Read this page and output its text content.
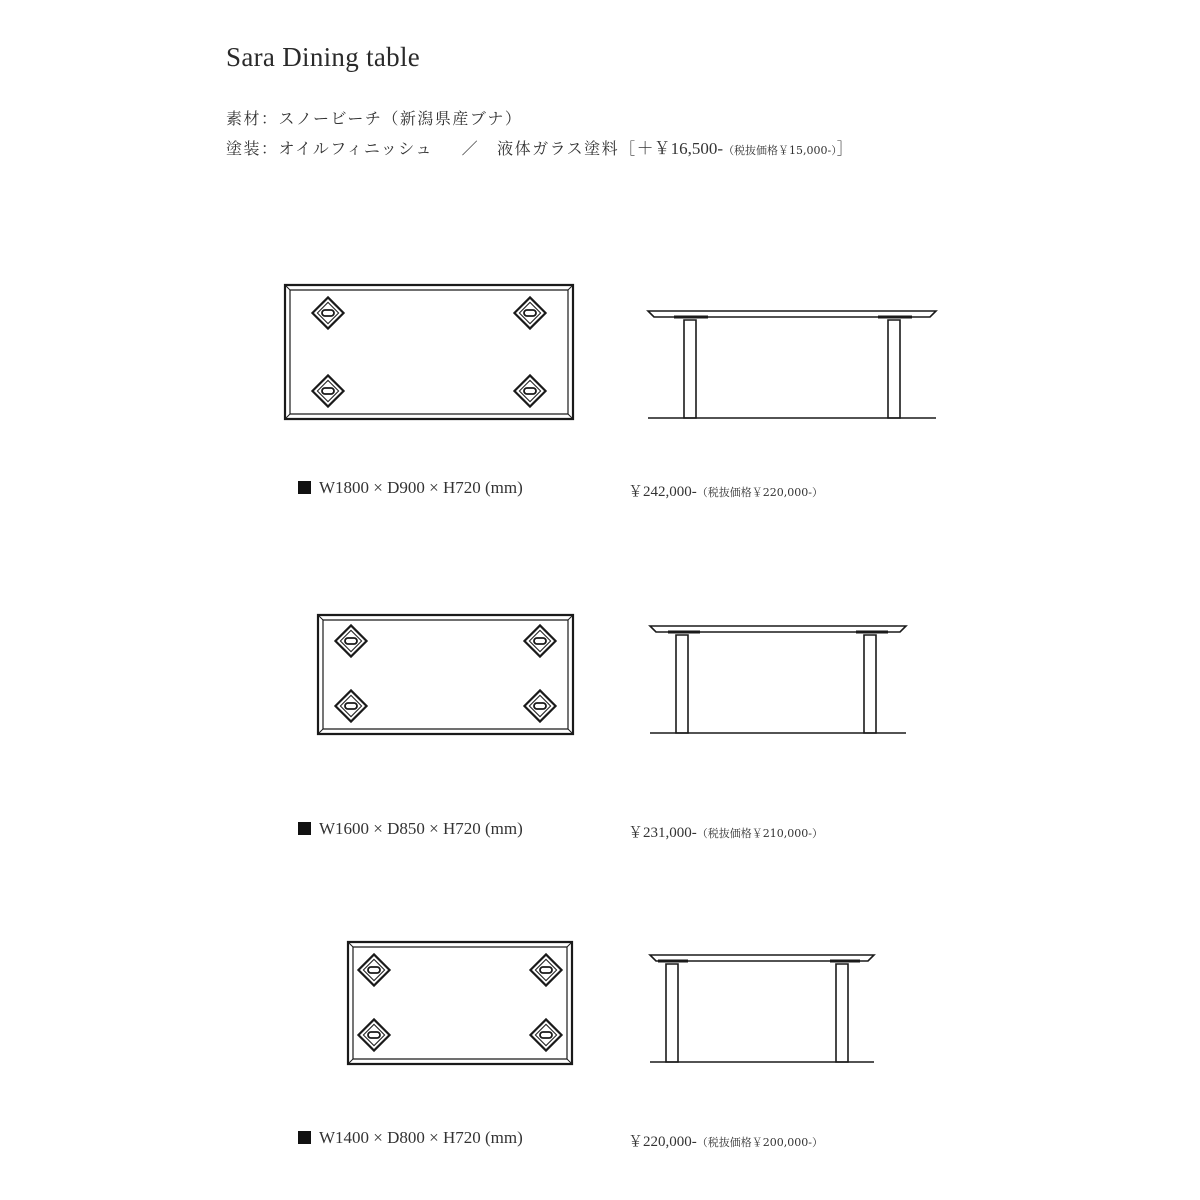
Sara Dining table
素材：スノービーチ（新潟県産ブナ）
塗装：オイルフィニッシュ ／ 液体ガラス塗料［＋￥16,500-（税抜価格￥15,000-）］
W1800 × D900 × H720 (mm)	￥242,000-（税抜価格￥220,000-）
W1600 × D850 × H720 (mm)	￥231,000-（税抜価格￥210,000-）
W1400 × D800 × H720 (mm)	￥220,000-（税抜価格￥200,000-）
